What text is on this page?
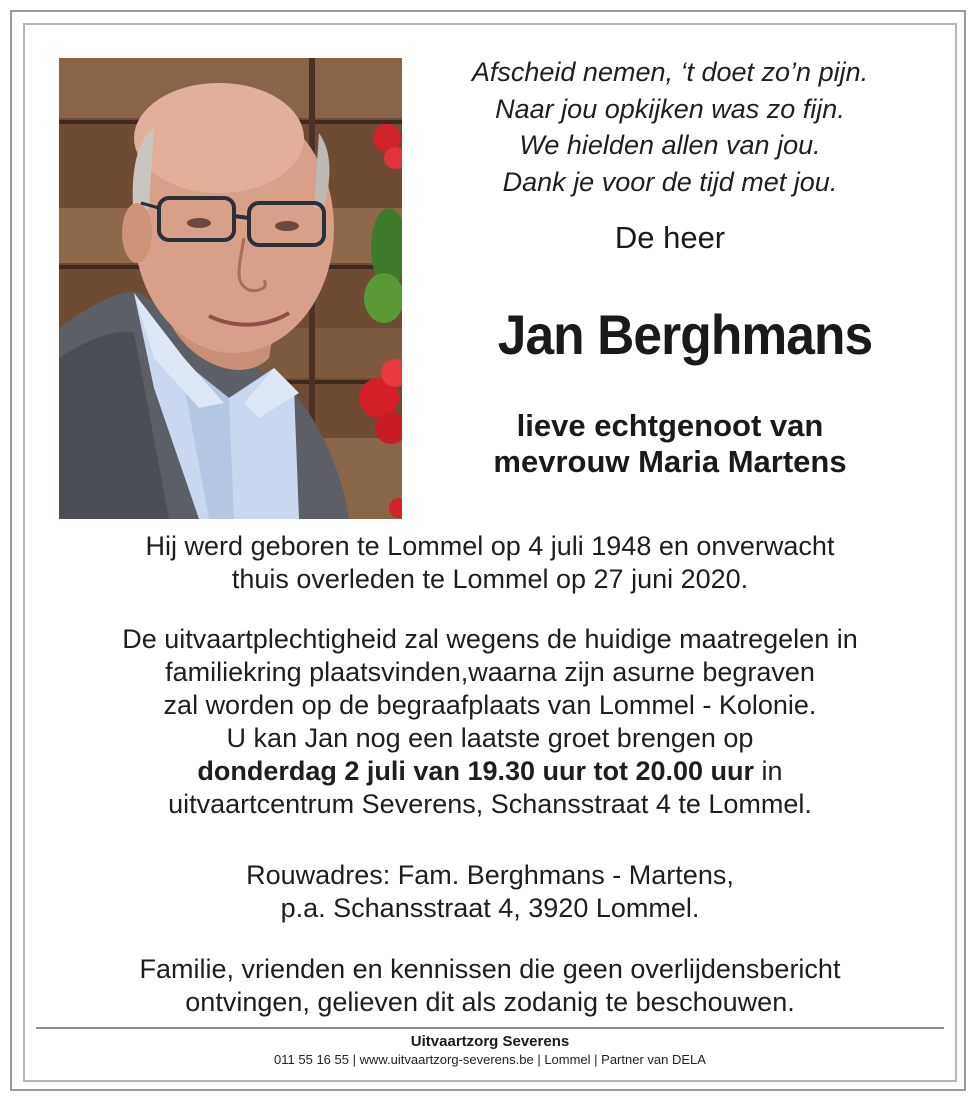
Afscheid nemen, ‘t doet zo’n pijn.
Naar jou opkijken was zo fijn.
We hielden allen van jou.
Dank je voor de tijd met jou.
De heer
Jan Berghmans
lieve echtgenoot van
mevrouw Maria Martens
Hij werd geboren te Lommel op 4 juli 1948 en onverwacht
thuis overleden te Lommel op 27 juni 2020.
De uitvaartplechtigheid zal wegens de huidige maatregelen in
familiekring plaatsvinden,waarna zijn asurne begraven
zal worden op de begraafplaats van Lommel - Kolonie.
U kan Jan nog een laatste groet brengen op
donderdag 2 juli van 19.30 uur tot 20.00 uur in
uitvaartcentrum Severens, Schansstraat 4 te Lommel.
Rouwadres: Fam. Berghmans - Martens,
p.a. Schansstraat 4, 3920 Lommel.
Familie, vrienden en kennissen die geen overlijdensbericht
ontvingen, gelieven dit als zodanig te beschouwen.
Uitvaartzorg Severens
011 55 16 55 | www.uitvaartzorg-severens.be | Lommel | Partner van DELA
